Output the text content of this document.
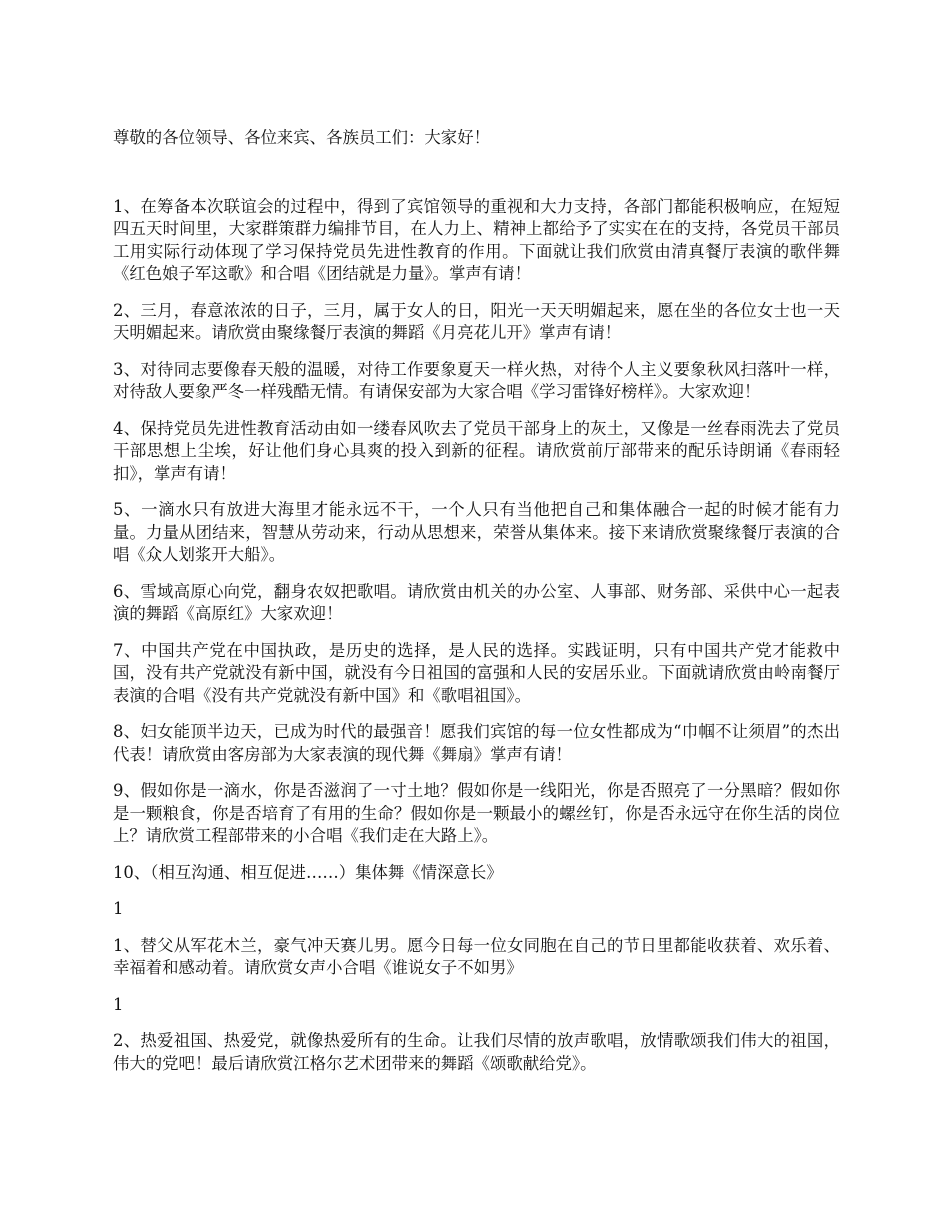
尊敬的各位领导、各位来宾、各族员工们：大家好！

1、在筹备本次联谊会的过程中，得到了宾馆领导的重视和大力支持，各部门都能积极响应，在短短四五天时间里，大家群策群力编排节目，在人力上、精神上都给予了实实在在的支持，各党员干部员工用实际行动体现了学习保持党员先进性教育的作用。下面就让我们欣赏由清真餐厅表演的歌伴舞《红色娘子军这歌》和合唱《团结就是力量》。掌声有请！

2、三月，春意浓浓的日子，三月，属于女人的日，阳光一天天明媚起来，愿在坐的各位女士也一天天明媚起来。请欣赏由聚缘餐厅表演的舞蹈《月亮花儿开》掌声有请！

3、对待同志要像春天般的温暖，对待工作要象夏天一样火热，对待个人主义要象秋风扫落叶一样，对待敌人要象严冬一样残酷无情。有请保安部为大家合唱《学习雷锋好榜样》。大家欢迎！

4、保持党员先进性教育活动由如一缕春风吹去了党员干部身上的灰土，又像是一丝春雨洗去了党员干部思想上尘埃，好让他们身心具爽的投入到新的征程。请欣赏前厅部带来的配乐诗朗诵《春雨轻扣》，掌声有请！

5、一滴水只有放进大海里才能永远不干，一个人只有当他把自己和集体融合一起的时候才能有力量。力量从团结来，智慧从劳动来，行动从思想来，荣誉从集体来。接下来请欣赏聚缘餐厅表演的合唱《众人划浆开大船》。

6、雪域高原心向党，翻身农奴把歌唱。请欣赏由机关的办公室、人事部、财务部、采供中心一起表演的舞蹈《高原红》大家欢迎！

7、中国共产党在中国执政，是历史的选择，是人民的选择。实践证明，只有中国共产党才能救中国，没有共产党就没有新中国，就没有今日祖国的富强和人民的安居乐业。下面就请欣赏由岭南餐厅表演的合唱《没有共产党就没有新中国》和《歌唱祖国》。

8、妇女能顶半边天，已成为时代的最强音！愿我们宾馆的每一位女性都成为“巾帼不让须眉”的杰出代表！请欣赏由客房部为大家表演的现代舞《舞扇》掌声有请！

9、假如你是一滴水，你是否滋润了一寸土地？假如你是一线阳光，你是否照亮了一分黑暗？假如你是一颗粮食，你是否培育了有用的生命？假如你是一颗最小的螺丝钉，你是否永远守在你生活的岗位上？请欣赏工程部带来的小合唱《我们走在大路上》。

10、（相互沟通、相互促进……）集体舞《情深意长》

1

1、替父从军花木兰，豪气冲天赛儿男。愿今日每一位女同胞在自己的节日里都能收获着、欢乐着、幸福着和感动着。请欣赏女声小合唱《谁说女子不如男》

1

2、热爱祖国、热爱党，就像热爱所有的生命。让我们尽情的放声歌唱，放情歌颂我们伟大的祖国，伟大的党吧！最后请欣赏江格尔艺术团带来的舞蹈《颂歌献给党》。
